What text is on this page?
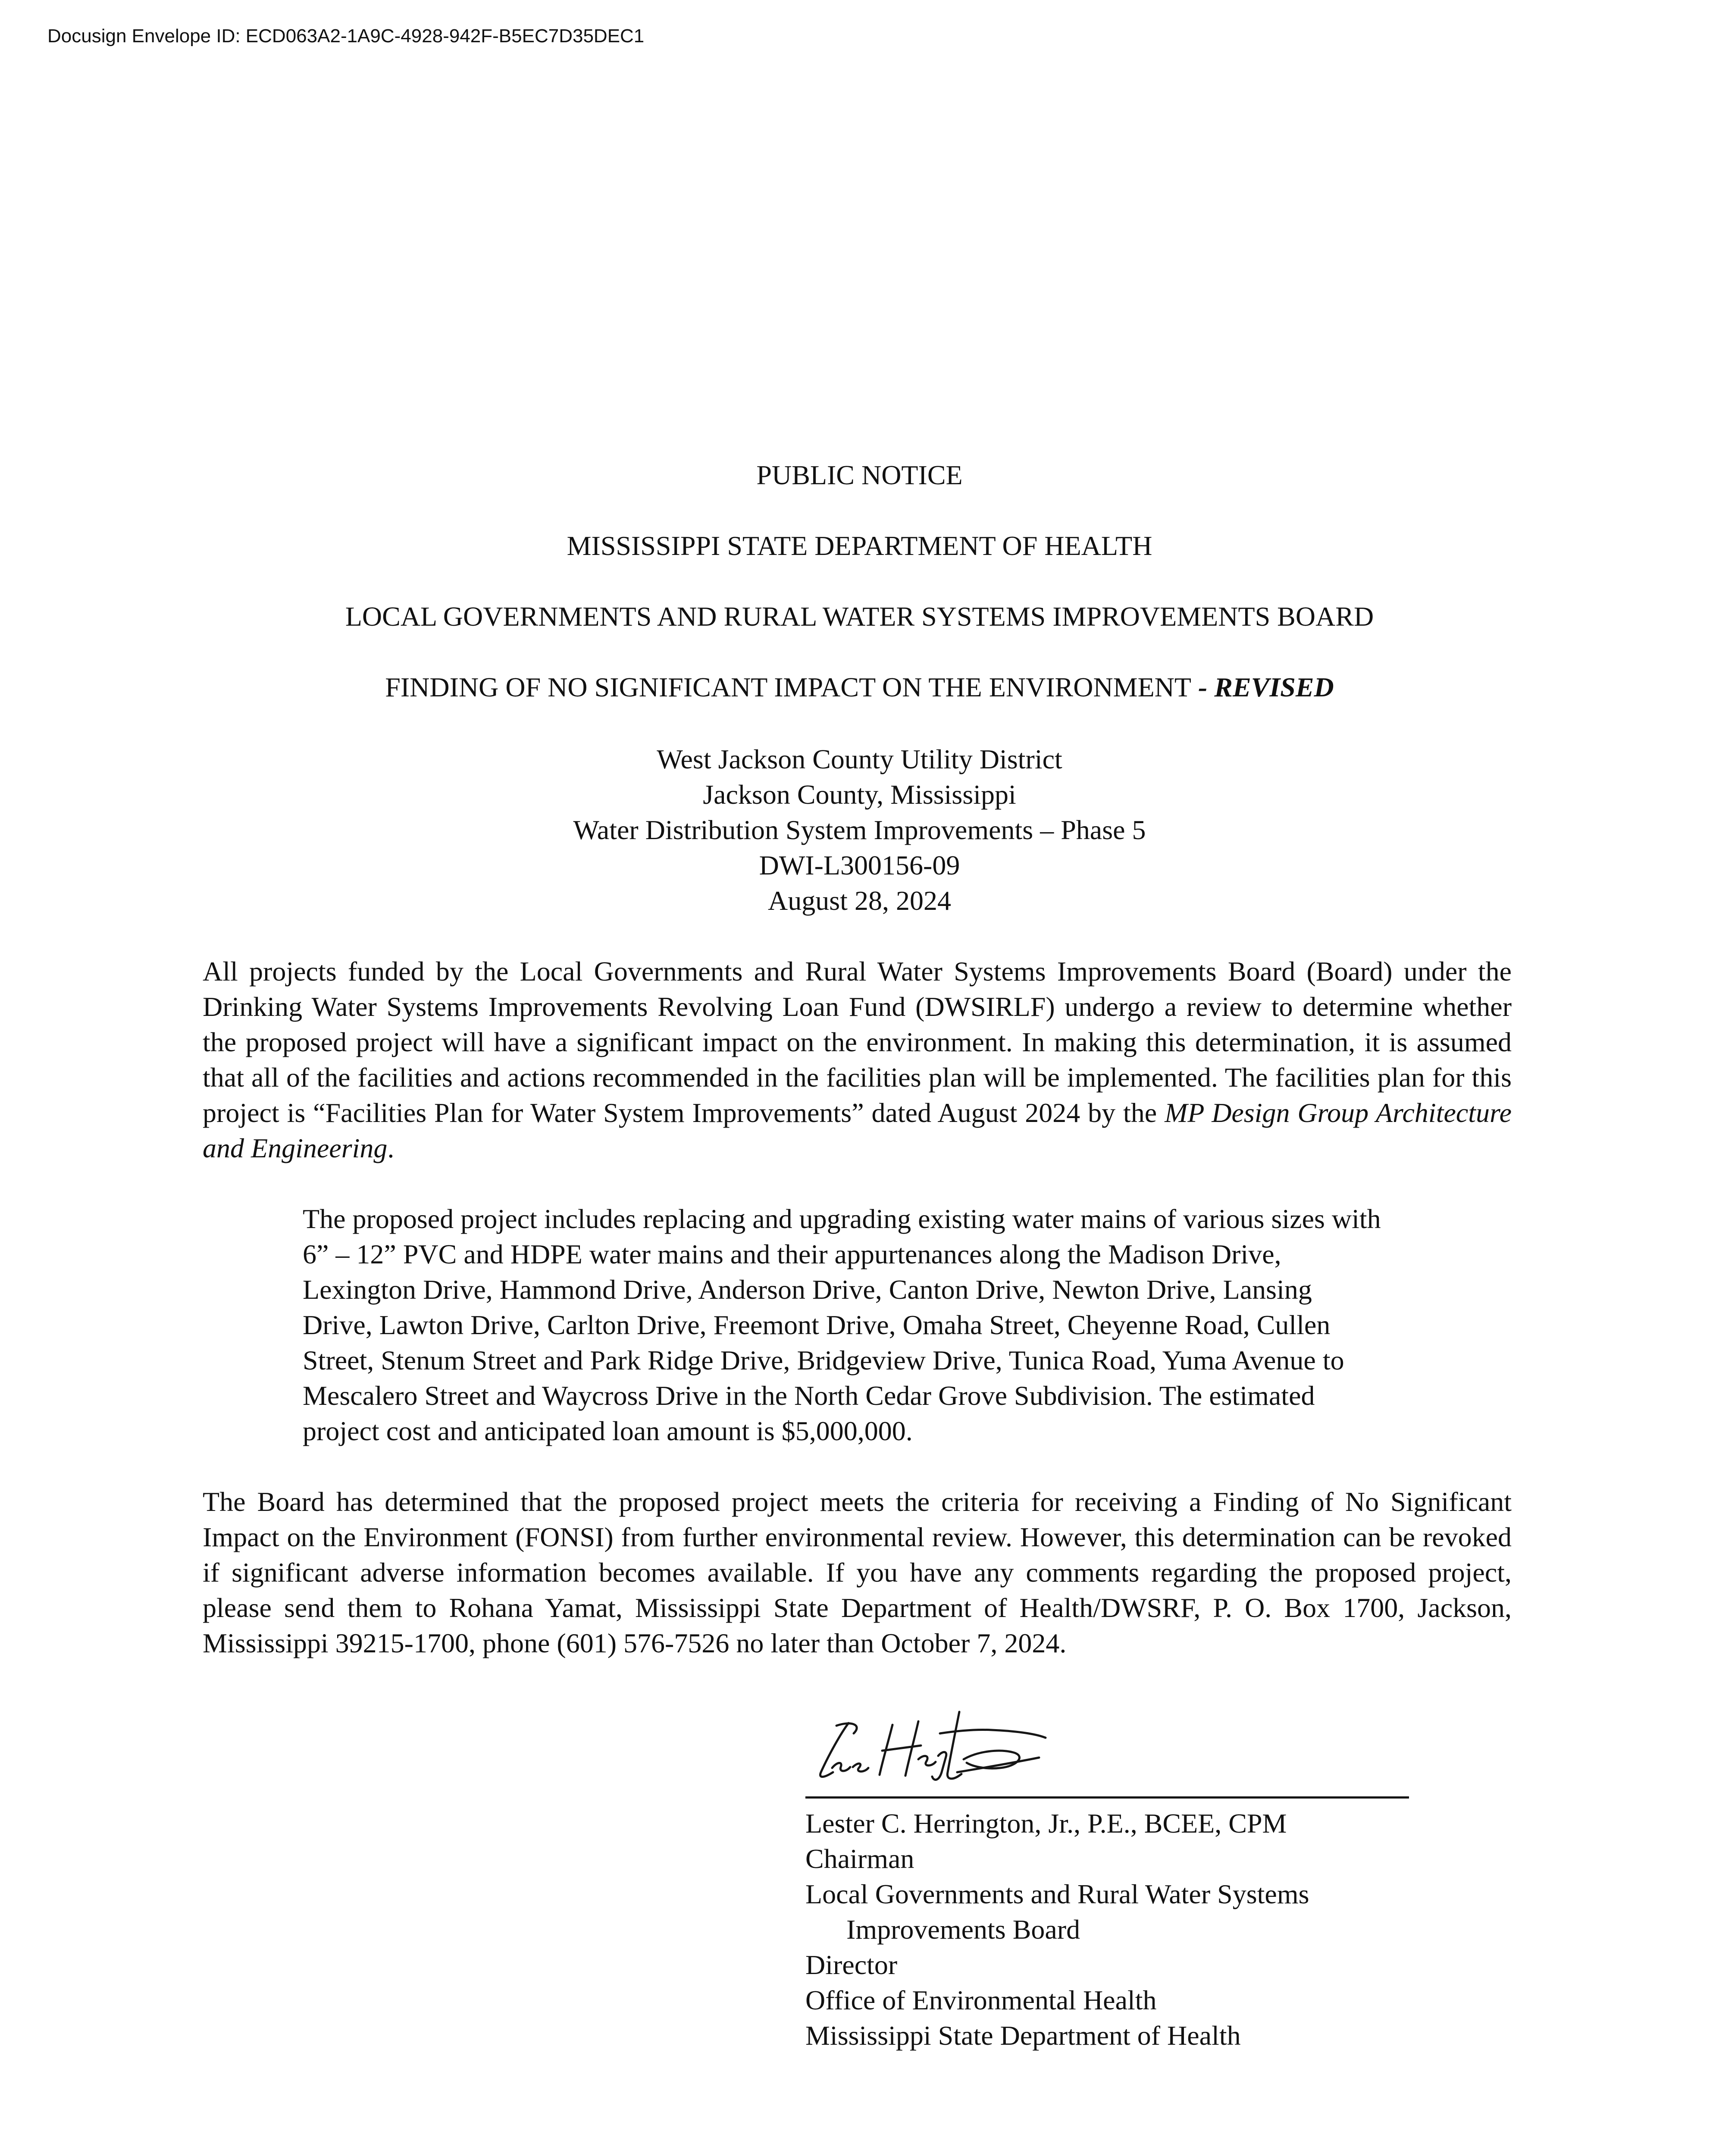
Docusign Envelope ID: ECD063A2-1A9C-4928-942F-B5EC7D35DEC1
PUBLIC NOTICE
MISSISSIPPI STATE DEPARTMENT OF HEALTH
LOCAL GOVERNMENTS AND RURAL WATER SYSTEMS IMPROVEMENTS BOARD
FINDING OF NO SIGNIFICANT IMPACT ON THE ENVIRONMENT - REVISED
West Jackson County Utility District
Jackson County, Mississippi
Water Distribution System Improvements – Phase 5
DWI-L300156-09
August 28, 2024
All projects funded by the Local Governments and Rural Water Systems Improvements Board (Board) under the Drinking Water Systems Improvements Revolving Loan Fund (DWSIRLF) undergo a review to determine whether the proposed project will have a significant impact on the environment. In making this determination, it is assumed that all of the facilities and actions recommended in the facilities plan will be implemented. The facilities plan for this project is “Facilities Plan for Water System Improvements” dated August 2024 by the MP Design Group Architecture and Engineering.
The proposed project includes replacing and upgrading existing water mains of various sizes with
6” – 12” PVC and HDPE water mains and their appurtenances along the Madison Drive,
Lexington Drive, Hammond Drive, Anderson Drive, Canton Drive, Newton Drive, Lansing
Drive, Lawton Drive, Carlton Drive, Freemont Drive, Omaha Street, Cheyenne Road, Cullen
Street, Stenum Street and Park Ridge Drive, Bridgeview Drive, Tunica Road, Yuma Avenue to
Mescalero Street and Waycross Drive in the North Cedar Grove Subdivision. The estimated
project cost and anticipated loan amount is $5,000,000.
The Board has determined that the proposed project meets the criteria for receiving a Finding of No Significant Impact on the Environment (FONSI) from further environmental review. However, this determination can be revoked if significant adverse information becomes available. If you have any comments regarding the proposed project, please send them to Rohana Yamat, Mississippi State Department of Health/DWSRF, P. O. Box 1700, Jackson, Mississippi 39215-1700, phone (601) 576-7526 no later than October 7, 2024.
Lester C. Herrington, Jr., P.E., BCEE, CPM
Chairman
Local Governments and Rural Water Systems
Improvements Board
Director
Office of Environmental Health
Mississippi State Department of Health
